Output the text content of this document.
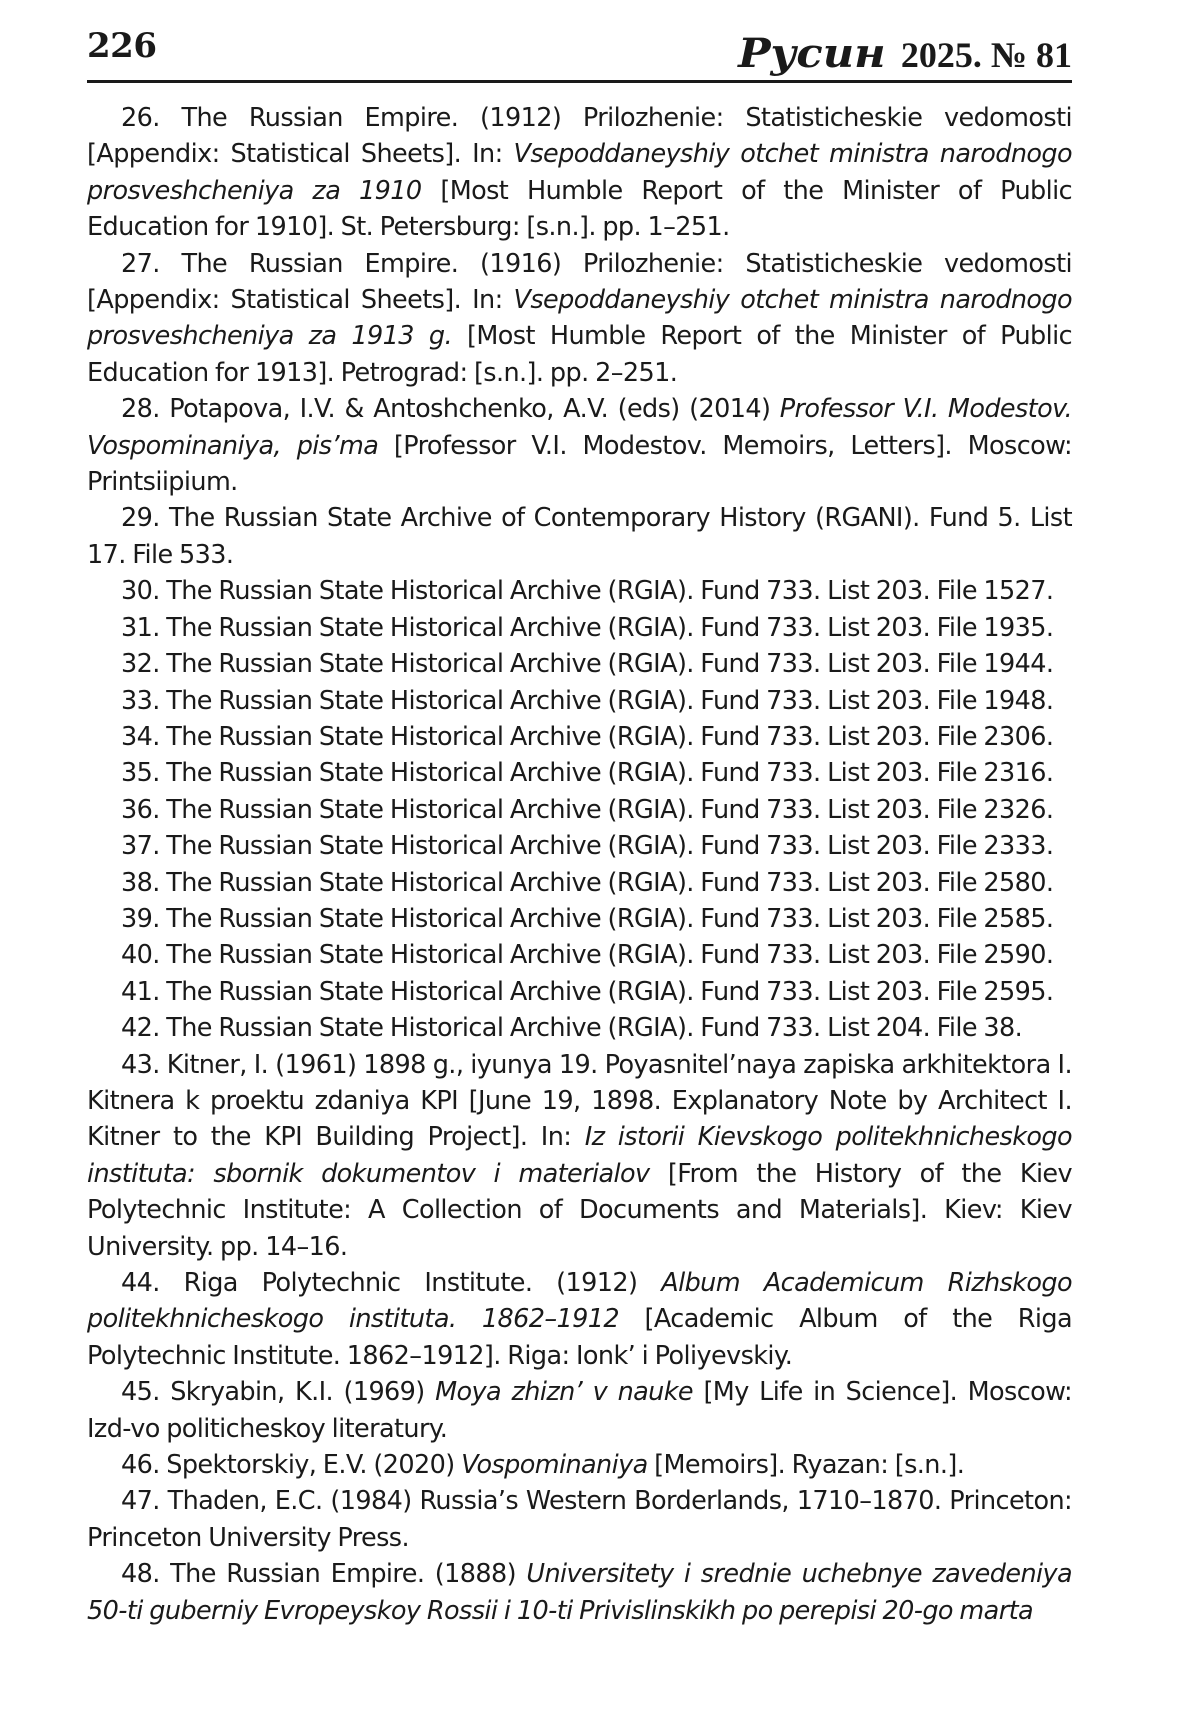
226	Русин 2025. № 81

26. The Russian Empire. (1912) Prilozhenie: Statisticheskie vedomosti [Appendix: Statistical Sheets]. In: Vsepoddaneyshiy otchet ministra narodnogo prosveshcheniya za 1910 [Most Humble Report of the Minister of Public Education for 1910]. St. Petersburg: [s.n.]. pp. 1–251.

27. The Russian Empire. (1916) Prilozhenie: Statisticheskie vedomosti [Appendix: Statistical Sheets]. In: Vsepoddaneyshiy otchet ministra narodnogo prosveshcheniya za 1913 g. [Most Humble Report of the Minister of Public Education for 1913]. Petrograd: [s.n.]. pp. 2–251.

28. Potapova, I.V. & Antoshchenko, A.V. (eds) (2014) Professor V.I. Modestov. Vospominaniya, pis’ma [Professor V.I. Modestov. Memoirs, Letters]. Moscow: Printsiipium.

29. The Russian State Archive of Contemporary History (RGANI). Fund 5. List 17. File 533.

30. The Russian State Historical Archive (RGIA). Fund 733. List 203. File 1527.

31. The Russian State Historical Archive (RGIA). Fund 733. List 203. File 1935.

32. The Russian State Historical Archive (RGIA). Fund 733. List 203. File 1944.

33. The Russian State Historical Archive (RGIA). Fund 733. List 203. File 1948.

34. The Russian State Historical Archive (RGIA). Fund 733. List 203. File 2306.

35. The Russian State Historical Archive (RGIA). Fund 733. List 203. File 2316.

36. The Russian State Historical Archive (RGIA). Fund 733. List 203. File 2326.

37. The Russian State Historical Archive (RGIA). Fund 733. List 203. File 2333.

38. The Russian State Historical Archive (RGIA). Fund 733. List 203. File 2580.

39. The Russian State Historical Archive (RGIA). Fund 733. List 203. File 2585.

40. The Russian State Historical Archive (RGIA). Fund 733. List 203. File 2590.

41. The Russian State Historical Archive (RGIA). Fund 733. List 203. File 2595.

42. The Russian State Historical Archive (RGIA). Fund 733. List 204. File 38.

43. Kitner, I. (1961) 1898 g., iyunya 19. Poyasnitel’naya zapiska arkhitektora I. Kitnera k proektu zdaniya KPI [June 19, 1898. Explanatory Note by Architect I. Kitner to the KPI Building Project]. In: Iz istorii Kievskogo politekhnicheskogo instituta: sbornik dokumentov i materialov [From the History of the Kiev Polytechnic Institute: A Collection of Documents and Materials]. Kiev: Kiev University. pp. 14–16.

44. Riga Polytechnic Institute. (1912) Album Academicum Rizhskogo politekhnicheskogo instituta. 1862–1912 [Academic Album of the Riga Polytechnic Institute. 1862–1912]. Riga: Ionk’ i Poliyevskiy.

45. Skryabin, K.I. (1969) Moya zhizn’ v nauke [My Life in Science]. Moscow: Izd-vo politicheskoy literatury.

46. Spektorskiy, E.V. (2020) Vospominaniya [Memoirs]. Ryazan: [s.n.].

47. Thaden, E.C. (1984) Russia’s Western Borderlands, 1710–1870. Princeton: Princeton University Press.

48. The Russian Empire. (1888) Universitety i srednie uchebnye zavedeniya 50-ti guberniy Evropeyskoy Rossii i 10-ti Privislinskikh po perepisi 20-go marta
